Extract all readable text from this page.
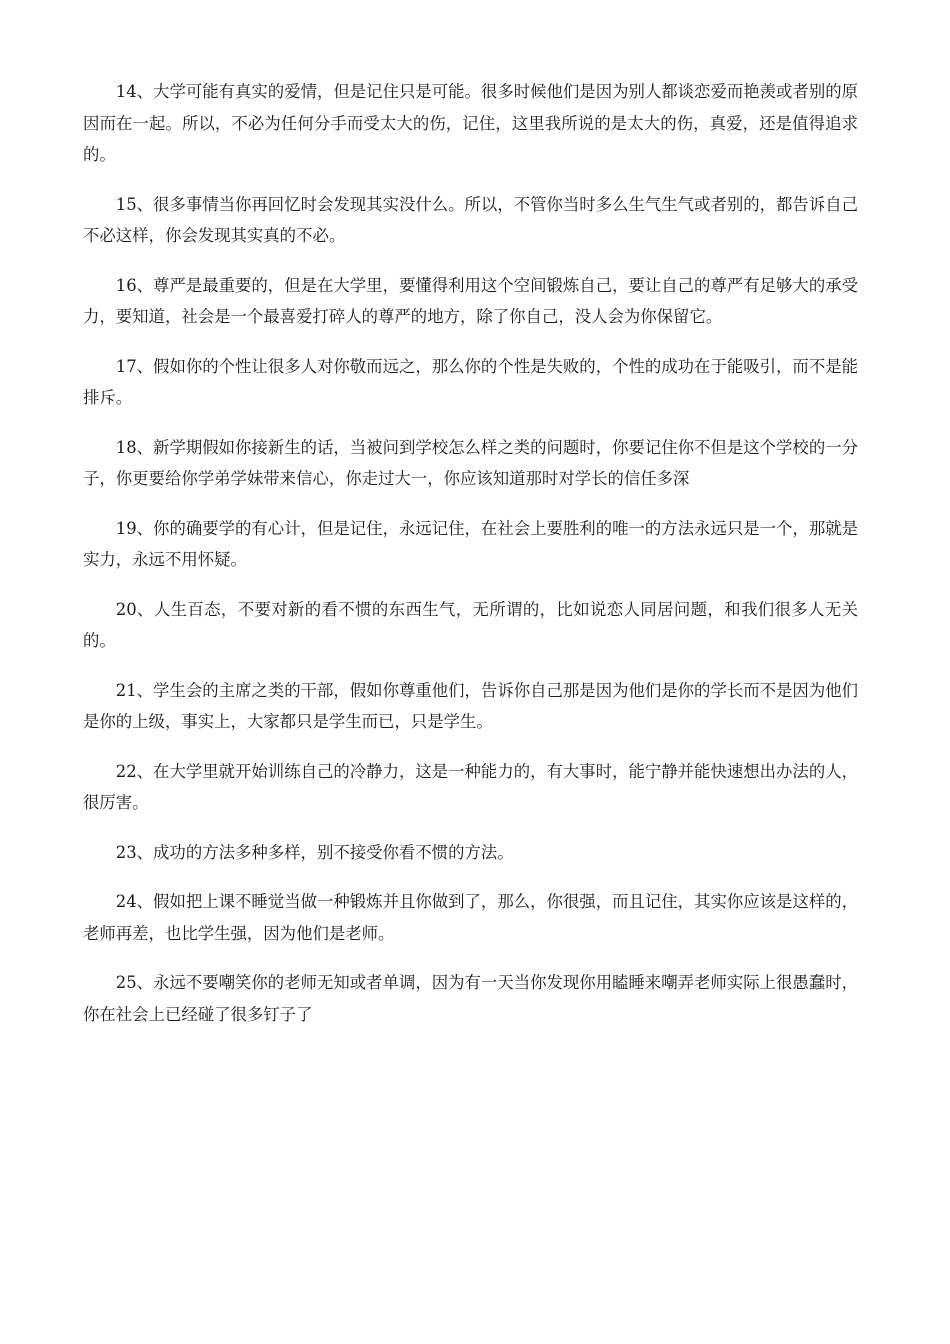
14、大学可能有真实的爱情，但是记住只是可能。很多时候他们是因为别人都谈恋爱而艳羡或者别的原因而在一起。所以，不必为任何分手而受太大的伤，记住，这里我所说的是太大的伤，真爱，还是值得追求的。

15、很多事情当你再回忆时会发现其实没什么。所以，不管你当时多么生气生气或者别的，都告诉自己不必这样，你会发现其实真的不必。

16、尊严是最重要的，但是在大学里，要懂得利用这个空间锻炼自己，要让自己的尊严有足够大的承受力，要知道，社会是一个最喜爱打碎人的尊严的地方，除了你自己，没人会为你保留它。

17、假如你的个性让很多人对你敬而远之，那么你的个性是失败的，个性的成功在于能吸引，而不是能排斥。

18、新学期假如你接新生的话，当被问到学校怎么样之类的问题时，你要记住你不但是这个学校的一分子，你更要给你学弟学妹带来信心，你走过大一，你应该知道那时对学长的信任多深

19、你的确要学的有心计，但是记住，永远记住，在社会上要胜利的唯一的方法永远只是一个，那就是实力，永远不用怀疑。

20、人生百态，不要对新的看不惯的东西生气，无所谓的，比如说恋人同居问题，和我们很多人无关的。

21、学生会的主席之类的干部，假如你尊重他们，告诉你自己那是因为他们是你的学长而不是因为他们是你的上级，事实上，大家都只是学生而已，只是学生。

22、在大学里就开始训练自己的冷静力，这是一种能力的，有大事时，能宁静并能快速想出办法的人，很厉害。

23、成功的方法多种多样，别不接受你看不惯的方法。

24、假如把上课不睡觉当做一种锻炼并且你做到了，那么，你很强，而且记住，其实你应该是这样的，老师再差，也比学生强，因为他们是老师。

25、永远不要嘲笑你的老师无知或者单调，因为有一天当你发现你用瞌睡来嘲弄老师实际上很愚蠢时，你在社会上已经碰了很多钉子了
